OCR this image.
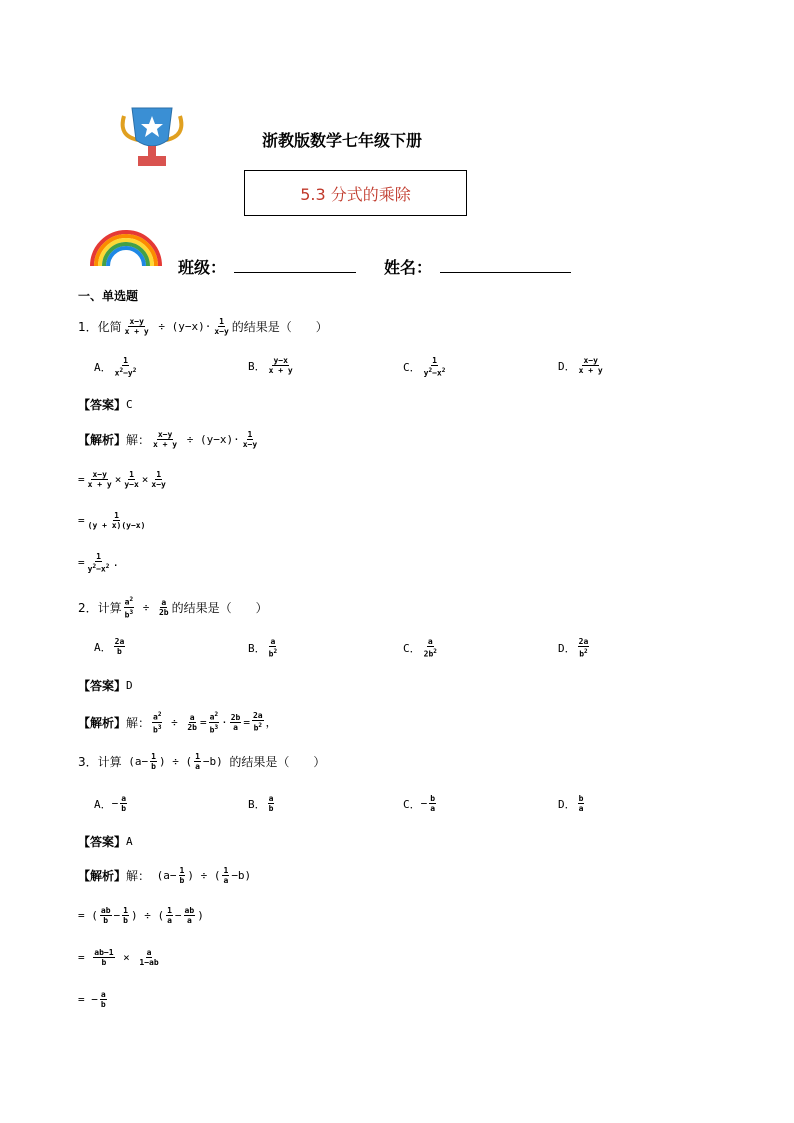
浙教版数学七年级下册
5.3 分式的乘除
班级：	姓名：
一、单选题
1．化简 $\frac{x-y}{x + y} \div (y-x)\cdot \frac{1}{x-y}$ 的结果是（　　）
A． $\frac{1}{x^2-y^2}$	B． $\frac{y-x}{x + y}$	C． $\frac{1}{y^2-x^2}$	D． $\frac{x-y}{x + y}$
【答案】 C
【解析】 解： $\frac{x-y}{x + y} \div (y-x)\cdot \frac{1}{x-y}$
= $\frac{x-y}{x + y} \times \frac{1}{y-x} \times \frac{1}{x-y}$
= $\frac{1}{(y + x)(y-x)}$
= $\frac{1}{y^2-x^2}$ .
2．计算 $\frac{a^2}{b^3} \div \frac{a}{2b}$ 的结果是（　　）
A． $\frac{2a}{b}$	B． $\frac{a}{b^2}$	C． $\frac{a}{2b^2}$	D． $\frac{2a}{b^2}$
【答案】 D
【解析】 解： $\frac{a^2}{b^3} \div \frac{a}{2b} = \frac{a^2}{b^3} \cdot \frac{2b}{a} = \frac{2a}{b^2}$ ，
3．计算 ($a- \frac{1}{b}$ ) ÷ ( $\frac{1}{a} -b$) 的结果是（　　）
A． − $\frac{a}{b}$	B． $\frac{a}{b}$	C． − $\frac{b}{a}$	D． $\frac{b}{a}$
【答案】 A
【解析】 解： ($a- \frac{1}{b}$ ) ÷ ( $\frac{1}{a} -b$)
= ( $\frac{ab}{b} - \frac{1}{b}$ ) ÷ ( $\frac{1}{a} - \frac{ab}{a}$ )
= $\frac{ab-1}{b} \times \frac{a}{1-ab}$
= − $\frac{a}{b}$
